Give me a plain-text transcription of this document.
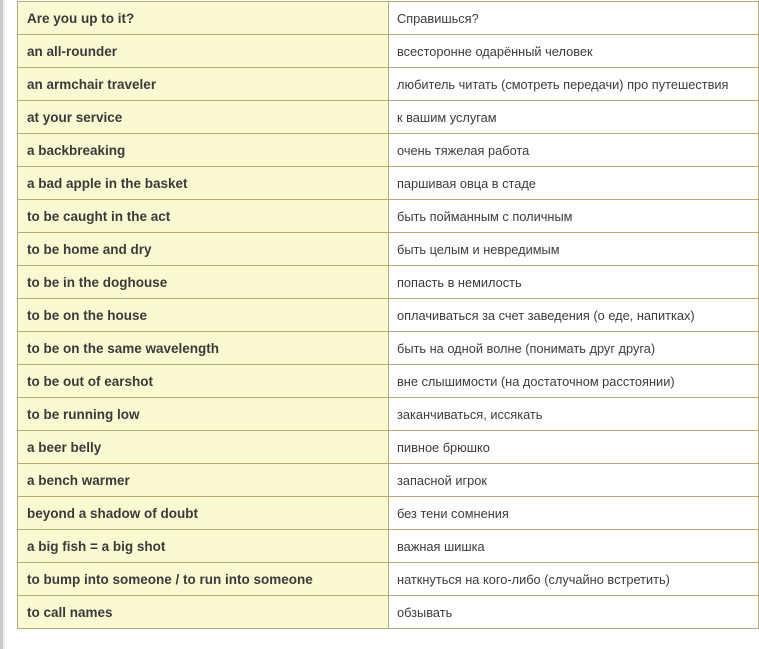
Are you up to it?	Справишься?
an all-rounder	всесторонне одарённый человек
an armchair traveler	любитель читать (смотреть передачи) про путешествия
at your service	к вашим услугам
a backbreaking	очень тяжелая работа
a bad apple in the basket	паршивая овца в стаде
to be caught in the act	быть пойманным с поличным
to be home and dry	быть целым и невредимым
to be in the doghouse	попасть в немилость
to be on the house	оплачиваться за счет заведения (о еде, напитках)
to be on the same wavelength	быть на одной волне (понимать друг друга)
to be out of earshot	вне слышимости (на достаточном расстоянии)
to be running low	заканчиваться, иссякать
a beer belly	пивное брюшко
a bench warmer	запасной игрок
beyond a shadow of doubt	без тени сомнения
a big fish = a big shot	важная шишка
to bump into someone / to run into someone	наткнуться на кого-либо (случайно встретить)
to call names	обзывать
